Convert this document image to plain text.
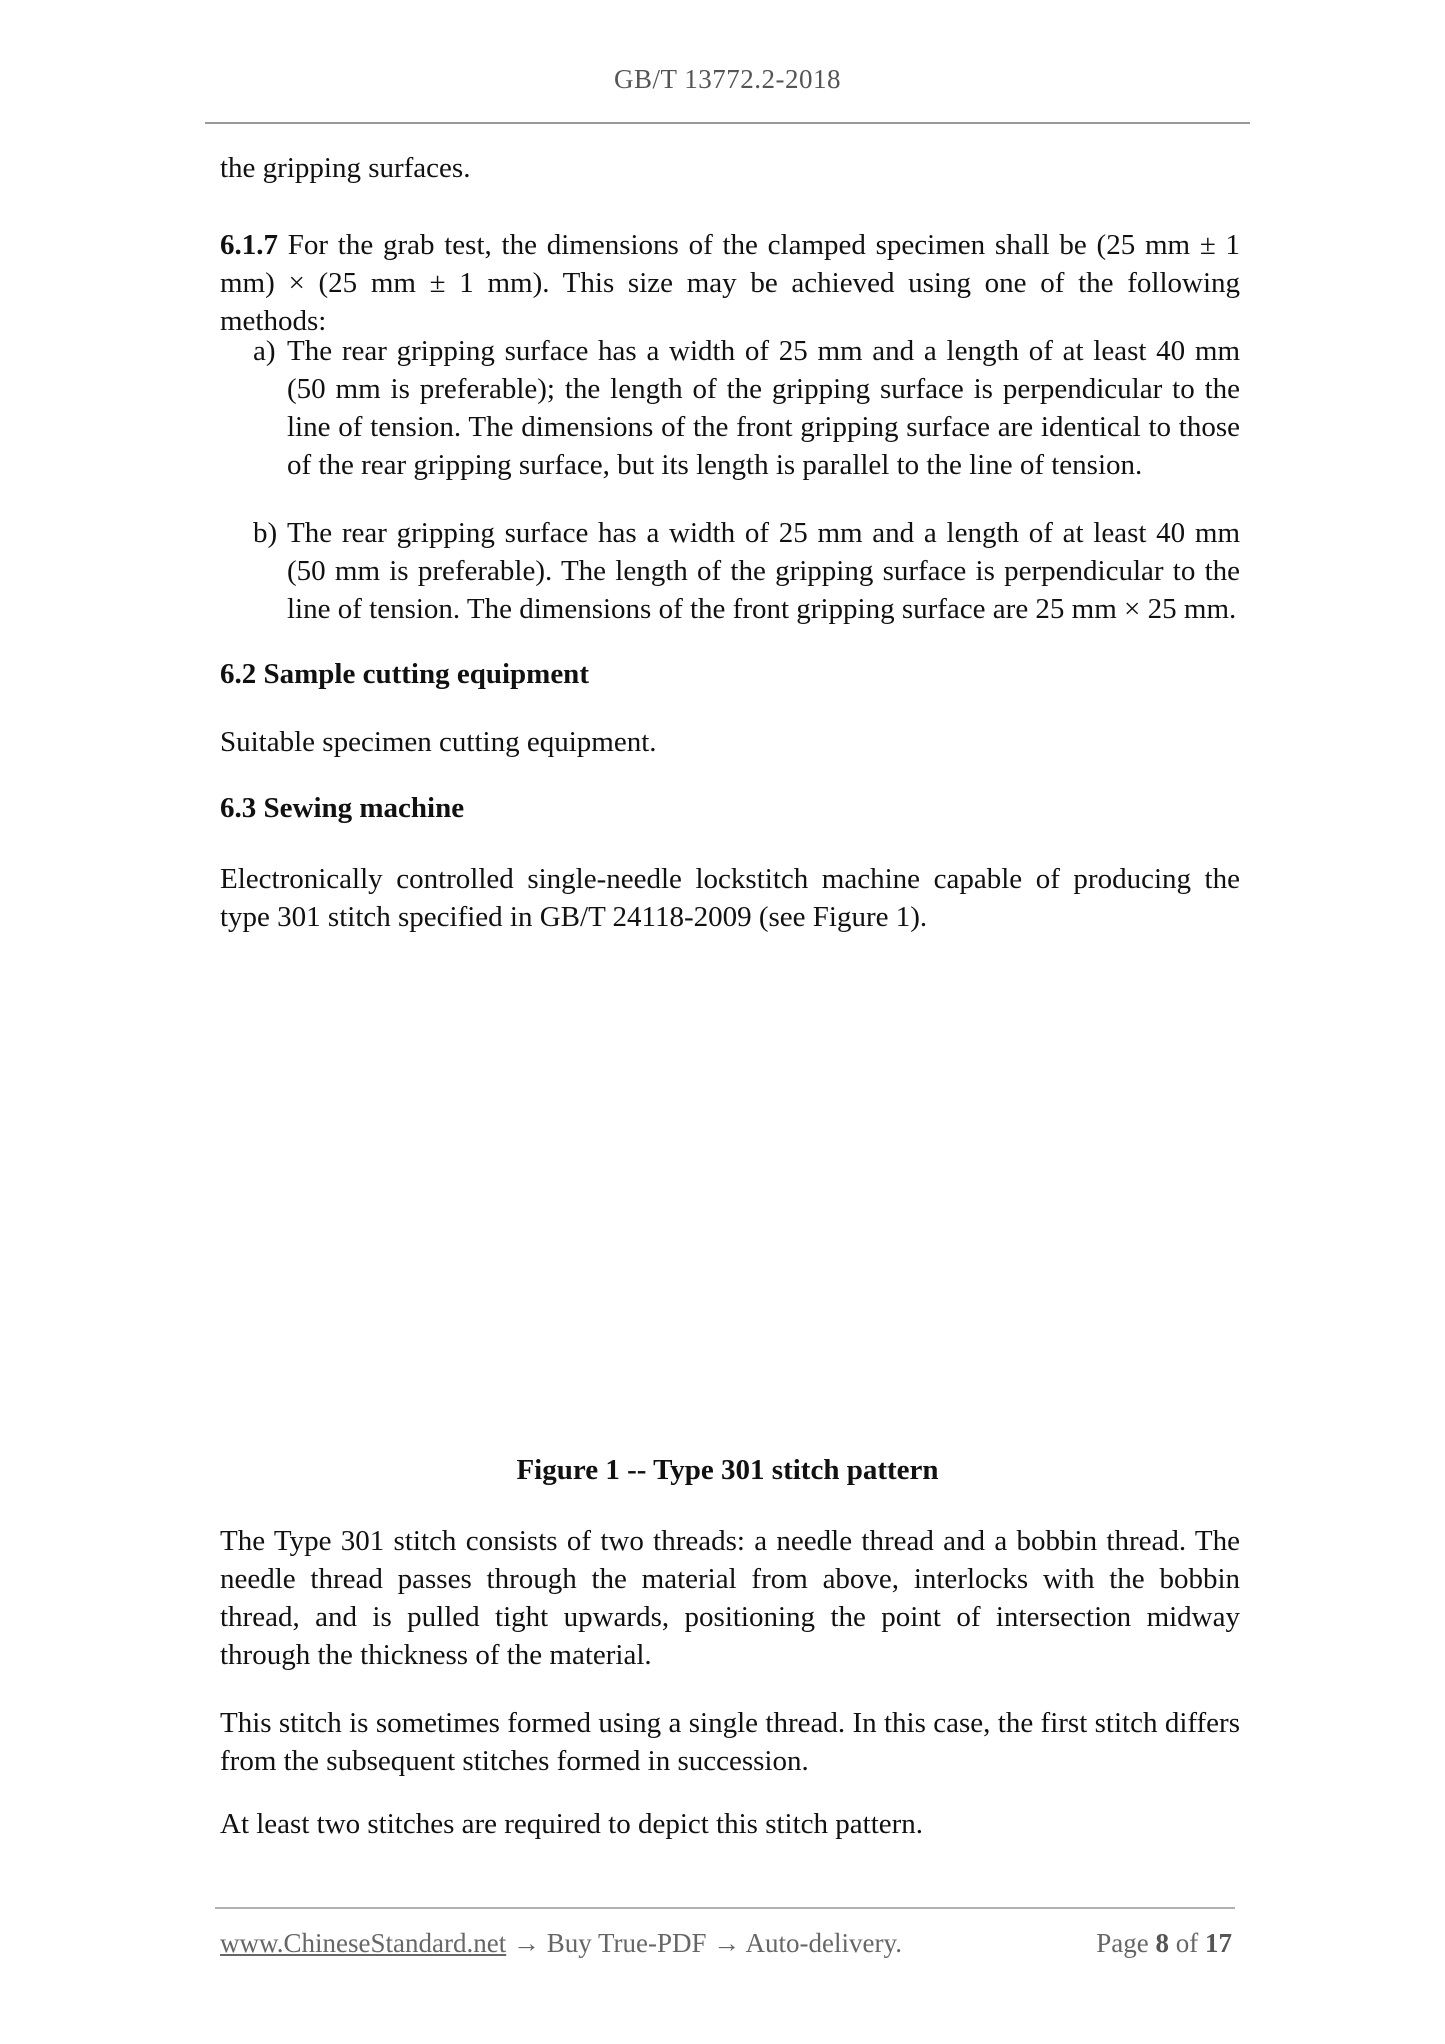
GB/T 13772.2-2018
the gripping surfaces.

6.1.7 For the grab test, the dimensions of the clamped specimen shall be (25 mm ± 1 mm) × (25 mm ± 1 mm). This size may be achieved using one of the following methods:

a) The rear gripping surface has a width of 25 mm and a length of at least 40 mm (50 mm is preferable); the length of the gripping surface is perpendicular to the line of tension. The dimensions of the front gripping surface are identical to those of the rear gripping surface, but its length is parallel to the line of tension.
b) The rear gripping surface has a width of 25 mm and a length of at least 40 mm (50 mm is preferable). The length of the gripping surface is perpendicular to the line of tension. The dimensions of the front gripping surface are 25 mm × 25 mm.
6.2 Sample cutting equipment
Suitable specimen cutting equipment.
6.3 Sewing machine

Electronically controlled single-needle lockstitch machine capable of producing the type 301 stitch specified in GB/T 24118-2009 (see Figure 1).

Figure 1 -- Type 301 stitch pattern

The Type 301 stitch consists of two threads: a needle thread and a bobbin thread. The needle thread passes through the material from above, interlocks with the bobbin thread, and is pulled tight upwards, positioning the point of intersection midway through the thickness of the material.

This stitch is sometimes formed using a single thread. In this case, the first stitch differs from the subsequent stitches formed in succession.

At least two stitches are required to depict this stitch pattern.
www.ChineseStandard.net → Buy True-PDF → Auto-delivery.	Page 8 of 17
